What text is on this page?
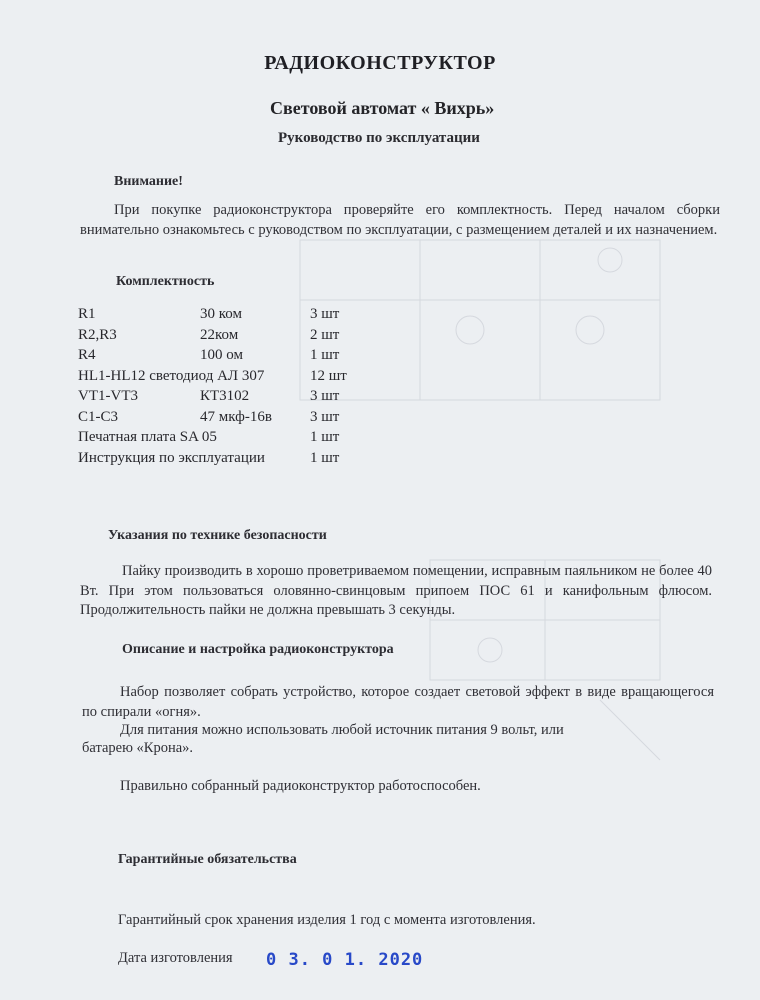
РАДИОКОНСТРУКТОР
Световой автомат « Вихрь»
Руководство по эксплуатации
Внимание!
При покупке радиоконструктора проверяйте его комплектность. Перед началом сборки внимательно ознакомьтесь с руководством по эксплуатации, с размещением деталей и их назначением.
Комплектность
R1	30 ком	3 шт
R2,R3	22ком	2 шт
R4	100 ом	1 шт
HL1-HL12 светодиод АЛ 307		12 шт
VT1-VT3	КТ3102	3 шт
С1-С3	47 мкф-16в	3 шт
Печатная плата SA 05		1 шт
Инструкция по эксплуатации		1 шт
Указания по технике безопасности
Пайку производить в хорошо проветриваемом помещении, исправным паяльником не более 40 Вт. При этом пользоваться оловянно-свинцовым припоем ПОС 61 и канифольным флюсом. Продолжительность пайки не должна превышать 3 секунды.
Описание и настройка радиоконструктора
Набор позволяет собрать устройство, которое создает световой эффект в виде вращающегося по спирали «огня».
Для питания можно использовать любой источник питания 9 вольт, или
батарею «Крона».
Правильно собранный радиоконструктор работоспособен.
Гарантийные обязательства
Гарантийный срок хранения изделия 1 год с момента изготовления.
Дата изготовления 0 3. 0 1. 2020
